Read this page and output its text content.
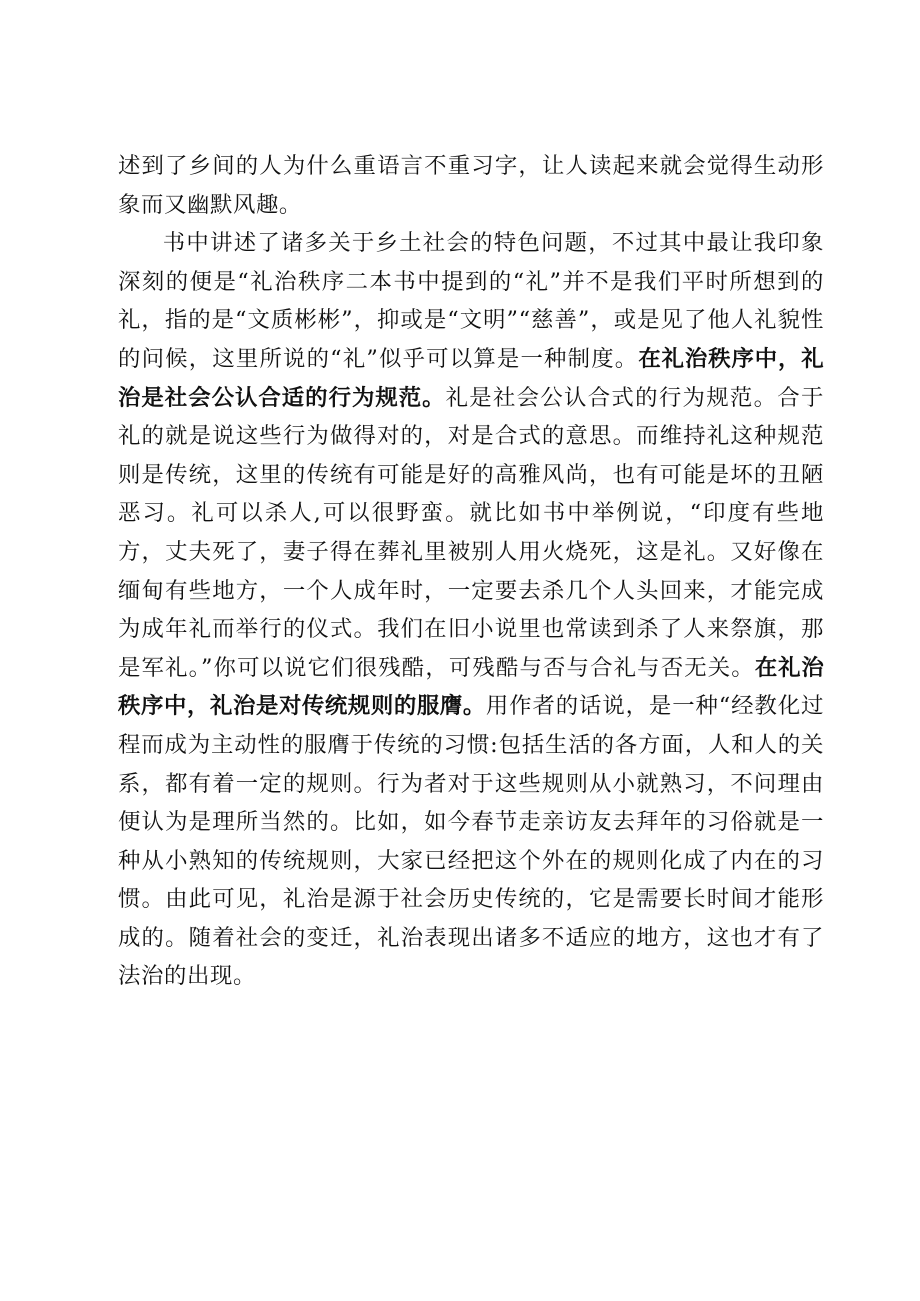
述到了乡间的人为什么重语言不重习字，让人读起来就会觉得生动形象而又幽默风趣。

书中讲述了诸多关于乡土社会的特色问题，不过其中最让我印象深刻的便是“礼治秩序二本书中提到的“礼”并不是我们平时所想到的礼，指的是“文质彬彬”，抑或是“文明”“慈善”，或是见了他人礼貌性的问候，这里所说的“礼”似乎可以算是一种制度。在礼治秩序中，礼治是社会公认合适的行为规范。礼是社会公认合式的行为规范。合于礼的就是说这些行为做得对的，对是合式的意思。而维持礼这种规范则是传统，这里的传统有可能是好的高雅风尚，也有可能是坏的丑陋恶习。礼可以杀人,可以很野蛮。就比如书中举例说，“印度有些地方，丈夫死了，妻子得在葬礼里被别人用火烧死，这是礼。又好像在缅甸有些地方，一个人成年时，一定要去杀几个人头回来，才能完成为成年礼而举行的仪式。我们在旧小说里也常读到杀了人来祭旗，那是军礼。”你可以说它们很残酷，可残酷与否与合礼与否无关。在礼治秩序中，礼治是对传统规则的服膺。用作者的话说，是一种“经教化过程而成为主动性的服膺于传统的习惯:包括生活的各方面，人和人的关系，都有着一定的规则。行为者对于这些规则从小就熟习，不问理由便认为是理所当然的。比如，如今春节走亲访友去拜年的习俗就是一种从小熟知的传统规则，大家已经把这个外在的规则化成了内在的习惯。由此可见，礼治是源于社会历史传统的，它是需要长时间才能形成的。随着社会的变迁，礼治表现出诸多不适应的地方，这也才有了法治的出现。
